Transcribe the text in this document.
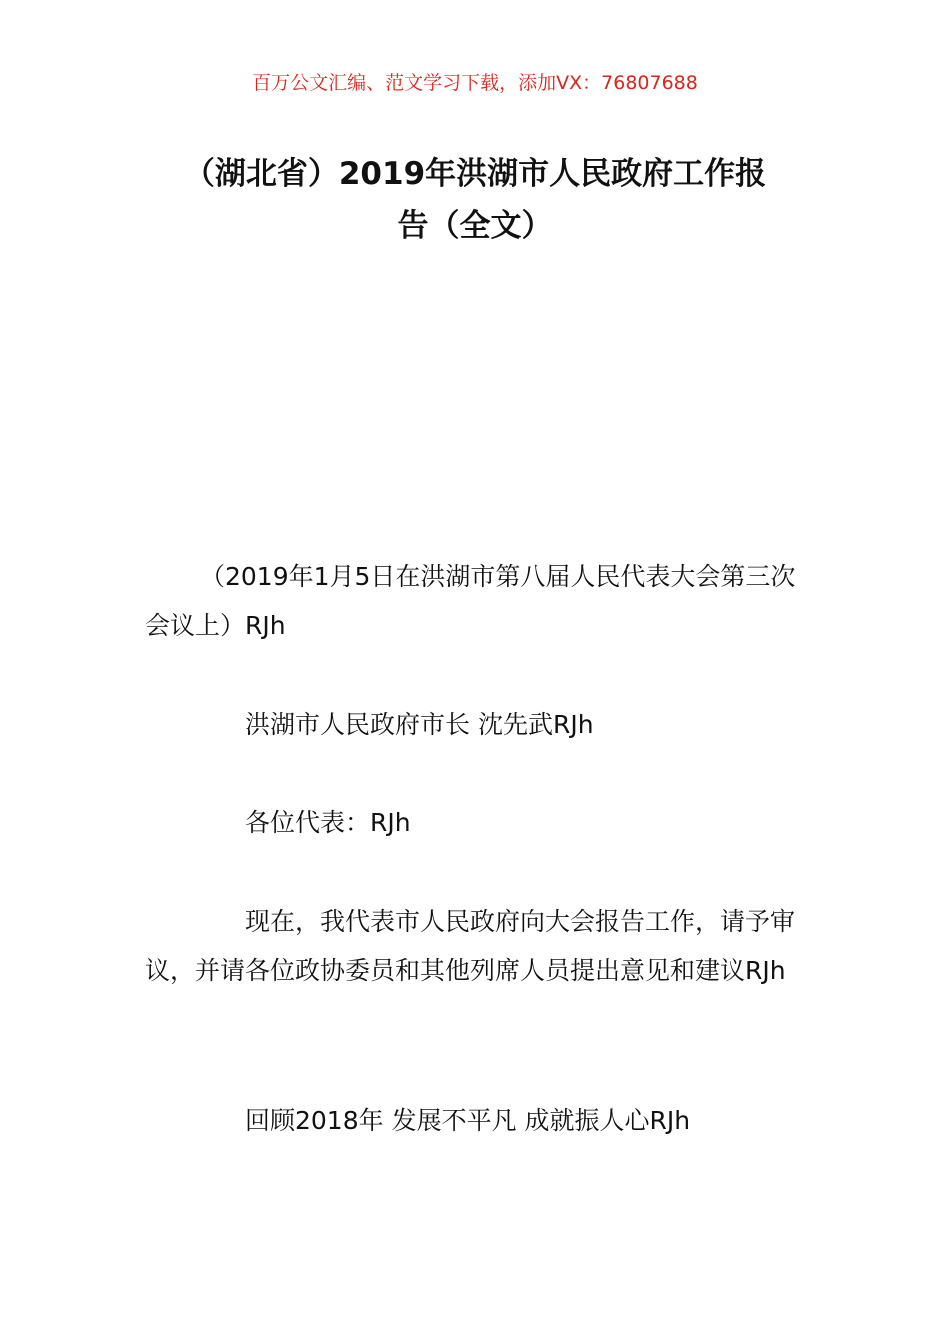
百万公文汇编、范文学习下载，添加VX：76807688
（湖北省）2019年洪湖市人民政府工作报
告（全文）
（2019年1月5日在洪湖市第八届人民代表大会第三次会议上）RJh
洪湖市人民政府市长 沈先武RJh
各位代表：RJh
现在，我代表市人民政府向大会报告工作，请予审议，并请各位政协委员和其他列席人员提出意见和建议RJh
回顾2018年 发展不平凡 成就振人心RJh
